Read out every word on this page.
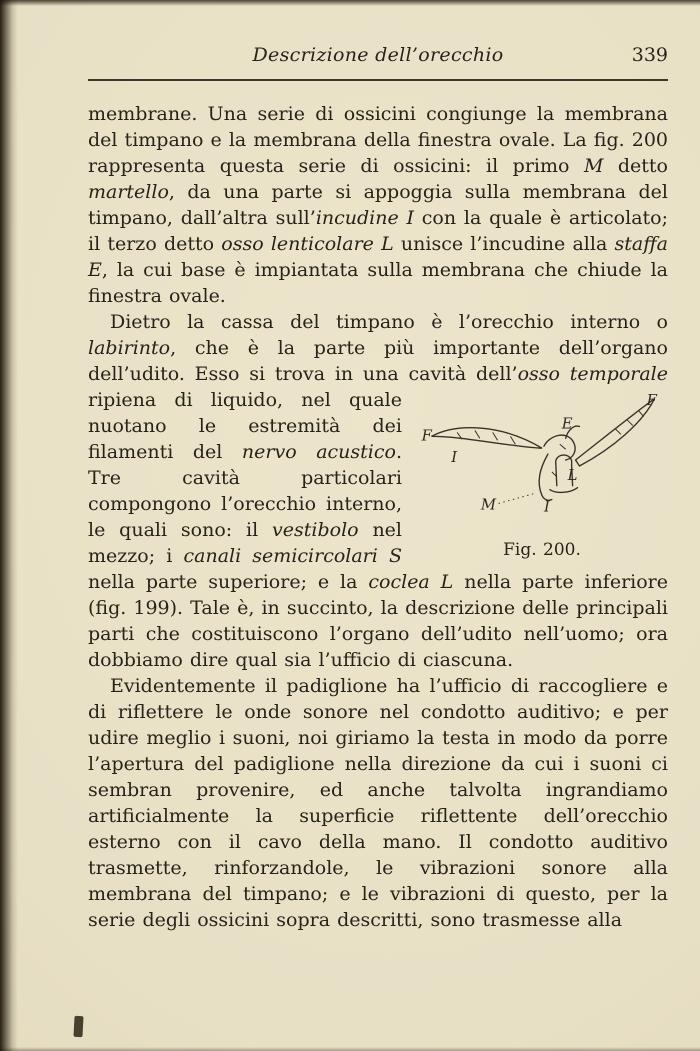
Descrizione dell’orecchio	339

membrane. Una serie di ossicini congiunge la membrana del timpano e la membrana della finestra ovale. La fig. 200 rappresenta questa serie di ossicini: il primo M detto martello, da una parte si appoggia sulla membrana del timpano, dall’altra sull’incudine I con la quale è articolato; il terzo detto osso lenticolare L unisce l’incudine alla staffa E, la cui base è impiantata sulla membrana che chiude la finestra ovale.

Dietro la cassa del timpano è l’orecchio interno o labirinto, che è la parte più importante dell’organo dell’udito. Esso si trova in una cavità del
F
I
E
L
M	I
F
Fig. 200.
l’osso temporale ripiena di liquido, nel quale nuotano le estremità dei filamenti del nervo acustico. Tre cavità particolari compongono l’orecchio interno, le quali sono: il vestibolo nel mezzo; i canali semicircolari S nella parte superiore; e la coclea L nella parte inferiore (fig. 199). Tale è, in succinto, la descrizione delle principali parti che costituiscono l’organo dell’udito nell’uomo; ora dobbiamo dire qual sia l’ufficio di ciascuna.

Evidentemente il padiglione ha l’ufficio di raccogliere e di riflettere le onde sonore nel condotto auditivo; e per udire meglio i suoni, noi giriamo la testa in modo da porre l’apertura del padiglione nella direzione da cui i suoni ci sembran provenire, ed anche talvolta ingrandiamo artificialmente la superficie riflettente dell’orecchio esterno con il cavo della mano. Il condotto auditivo trasmette, rinforzandole, le vibrazioni sonore alla membrana del timpano; e le vibrazioni di questo, per la serie degli ossicini sopra descritti, sono trasmesse alla
